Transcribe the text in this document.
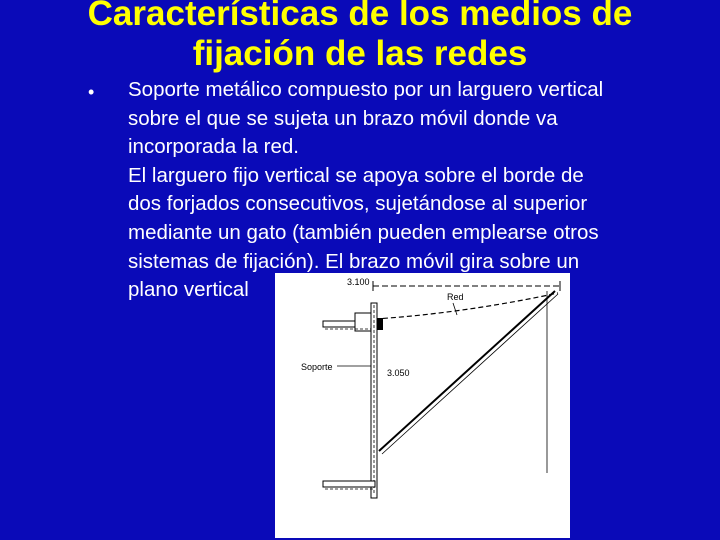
Características de los medios de
fijación de las redes
• Soporte metálico compuesto por un larguero vertical
sobre el que se sujeta un brazo móvil donde va
incorporada la red.
El larguero fijo vertical se apoya sobre el borde de
dos forjados consecutivos, sujetándose al superior
mediante un gato (también pueden emplearse otros
sistemas de fijación). El brazo móvil gira sobre un
plano vertical	3.100
Red
Soporte
3.050
